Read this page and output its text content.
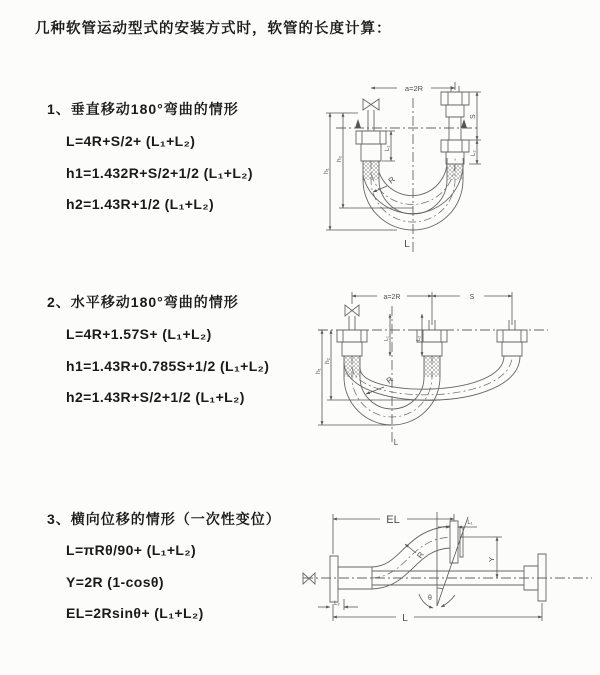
几种软管运动型式的安装方式时，软管的长度计算：
1、垂直移动180°弯曲的情形
L=4R+S/2+ (L₁+L₂)
h1=1.432R+S/2+1/2 (L₁+L₂)
h2=1.43R+1/2 (L₁+L₂)
2、水平移动180°弯曲的情形
L=4R+1.57S+ (L₁+L₂)
h1=1.43R+0.785S+1/2 (L₁+L₂)
h2=1.43R+S/2+1/2 (L₁+L₂)
3、横向位移的情形（一次性变位）
L=πRθ/90+ (L₁+L₂)
Y=2R (1-cosθ)
EL=2Rsinθ+ (L₁+L₂)
a=2R
h₁
h₂
L₁
S
L₂
R
L
a=2R	S
h₁
h₂
L₁	L₂
R
L
EL	L₁
Y
θ
R
L₂
L
